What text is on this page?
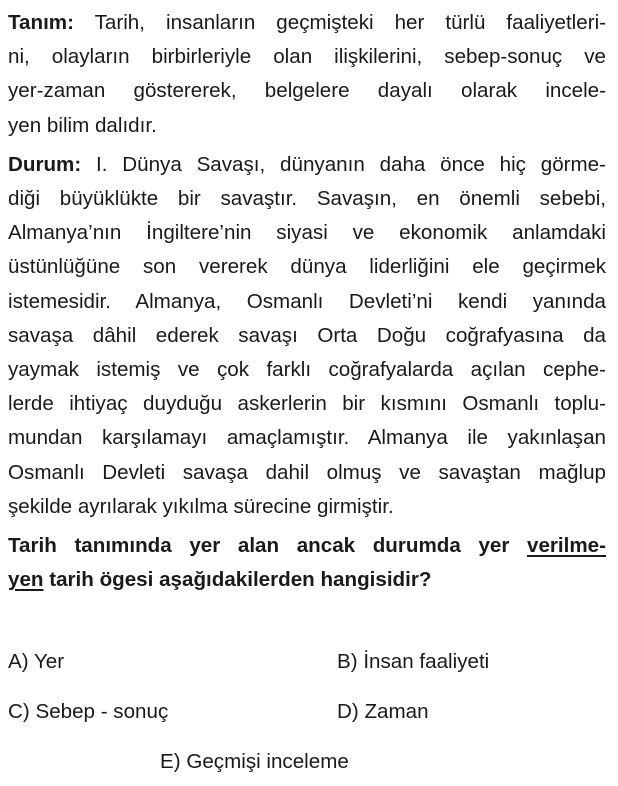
Tanım: Tarih, insanların geçmişteki her türlü faaliyetleri-
ni, olayların birbirleriyle olan ilişkilerini, sebep-sonuç ve
yer-zaman göstererek, belgelere dayalı olarak incele-
yen bilim dalıdır.

Durum: I. Dünya Savaşı, dünyanın daha önce hiç görme-
diği büyüklükte bir savaştır. Savaşın, en önemli sebebi,
Almanya’nın İngiltere’nin siyasi ve ekonomik anlamdaki
üstünlüğüne son vererek dünya liderliğini ele geçirmek
istemesidir. Almanya, Osmanlı Devleti’ni kendi yanında
savaşa dâhil ederek savaşı Orta Doğu coğrafyasına da
yaymak istemiş ve çok farklı coğrafyalarda açılan cephe-
lerde ihtiyaç duyduğu askerlerin bir kısmını Osmanlı toplu-
mundan karşılamayı amaçlamıştır. Almanya ile yakınlaşan
Osmanlı Devleti savaşa dahil olmuş ve savaştan mağlup
şekilde ayrılarak yıkılma sürecine girmiştir.

Tarih tanımında yer alan ancak durumda yer verilme-
yen tarih ögesi aşağıdakilerden hangisidir?

A) Yer	B) İnsan faaliyeti
C) Sebep - sonuç	D) Zaman
E) Geçmişi inceleme
